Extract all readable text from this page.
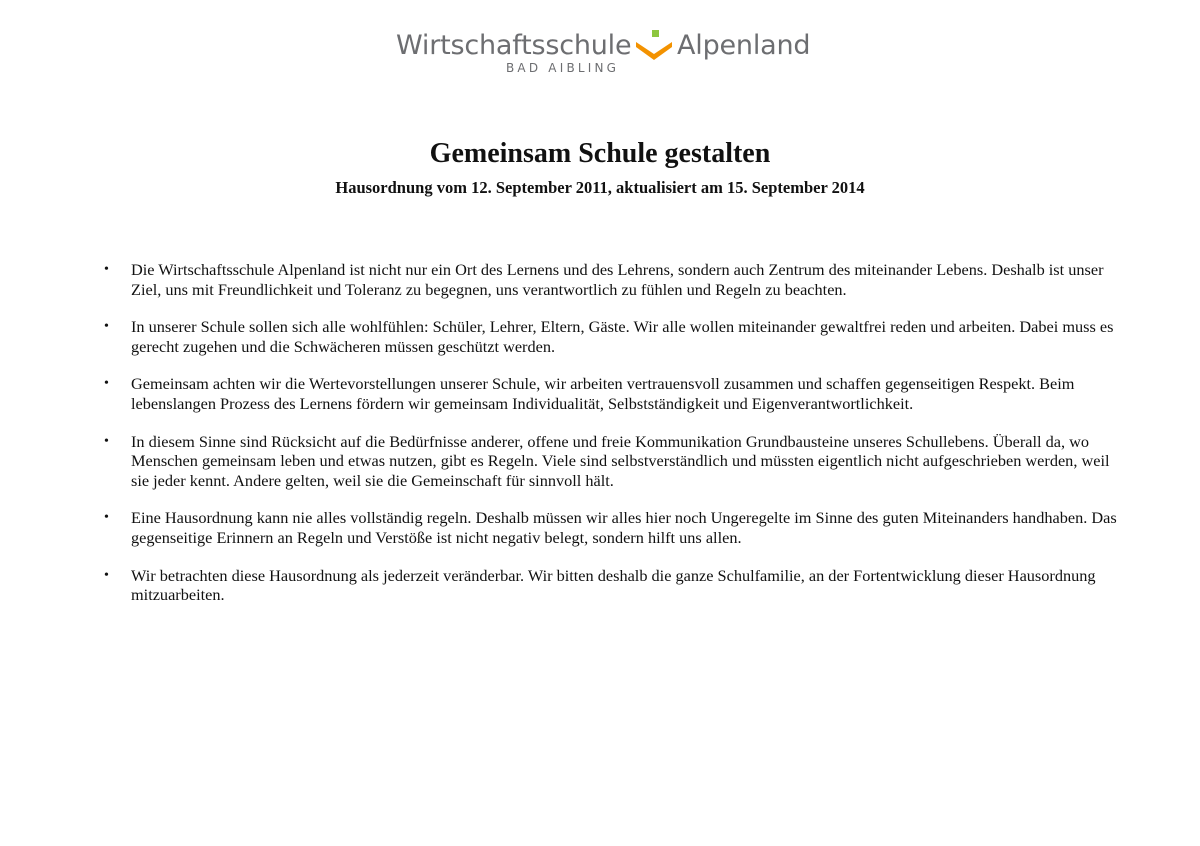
Wirtschaftsschule Alpenland
BAD AIBLING
Gemeinsam Schule gestalten
Hausordnung vom 12. September 2011, aktualisiert am 15. September 2014
• Die Wirtschaftsschule Alpenland ist nicht nur ein Ort des Lernens und des Lehrens, sondern auch Zentrum des miteinander Lebens. Deshalb ist unser Ziel, uns mit Freundlichkeit und Toleranz zu begegnen, uns verantwortlich zu fühlen und Regeln zu beachten.
• In unserer Schule sollen sich alle wohlfühlen: Schüler, Lehrer, Eltern, Gäste. Wir alle wollen miteinander gewaltfrei reden und arbeiten. Dabei muss es gerecht zugehen und die Schwächeren müssen geschützt werden.
• Gemeinsam achten wir die Wertevorstellungen unserer Schule, wir arbeiten vertrauensvoll zusammen und schaffen gegenseitigen Respekt. Beim lebenslangen Prozess des Lernens fördern wir gemeinsam Individualität, Selbstständigkeit und Eigenverantwortlichkeit.
• In diesem Sinne sind Rücksicht auf die Bedürfnisse anderer, offene und freie Kommunikation Grundbausteine unseres Schullebens. Überall da, wo Menschen gemeinsam leben und etwas nutzen, gibt es Regeln. Viele sind selbstverständlich und müssten eigentlich nicht aufgeschrieben werden, weil sie jeder kennt. Andere gelten, weil sie die Gemeinschaft für sinnvoll hält.
• Eine Hausordnung kann nie alles vollständig regeln. Deshalb müssen wir alles hier noch Ungeregelte im Sinne des guten Miteinanders handhaben. Das gegenseitige Erinnern an Regeln und Verstöße ist nicht negativ belegt, sondern hilft uns allen.
• Wir betrachten diese Hausordnung als jederzeit veränderbar. Wir bitten deshalb die ganze Schulfamilie, an der Fortentwicklung dieser Hausordnung mitzuarbeiten.
